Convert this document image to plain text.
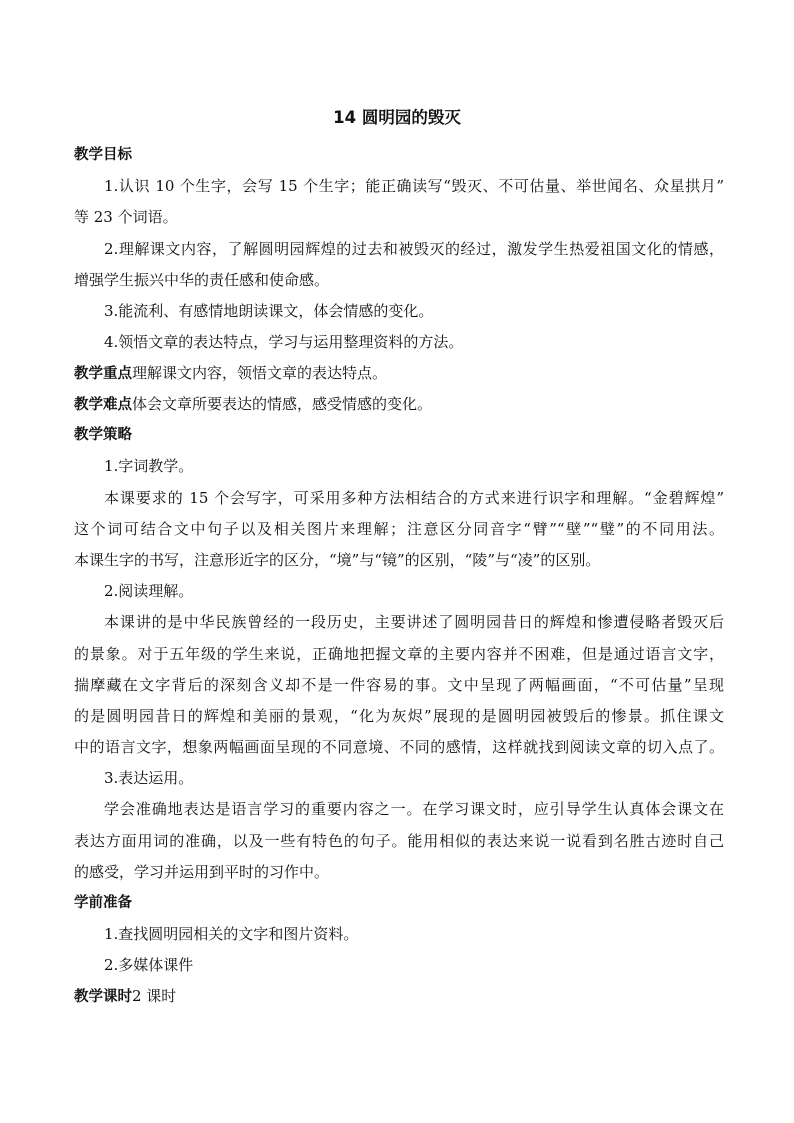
14 圆明园的毁灭
教学目标
1.认识 10 个生字，会写 15 个生字；能正确读写“毁灭、不可估量、举世闻名、众星拱月”
等 23 个词语。
2.理解课文内容，了解圆明园辉煌的过去和被毁灭的经过，激发学生热爱祖国文化的情感，
增强学生振兴中华的责任感和使命感。
3.能流利、有感情地朗读课文，体会情感的变化。
4.领悟文章的表达特点，学习与运用整理资料的方法。
教学重点理解课文内容，领悟文章的表达特点。
教学难点体会文章所要表达的情感，感受情感的变化。
教学策略
1.字词教学。
本课要求的 15 个会写字，可采用多种方法相结合的方式来进行识字和理解。“金碧辉煌”
这个词可结合文中句子以及相关图片来理解；注意区分同音字“臂”“壁”“璧”的不同用法。
本课生字的书写，注意形近字的区分，“境”与“镜”的区别，“陵”与“凌”的区别。
2.阅读理解。
本课讲的是中华民族曾经的一段历史，主要讲述了圆明园昔日的辉煌和惨遭侵略者毁灭后
的景象。对于五年级的学生来说，正确地把握文章的主要内容并不困难，但是通过语言文字，
揣摩藏在文字背后的深刻含义却不是一件容易的事。文中呈现了两幅画面，“不可估量”呈现
的是圆明园昔日的辉煌和美丽的景观，“化为灰烬”展现的是圆明园被毁后的惨景。抓住课文
中的语言文字，想象两幅画面呈现的不同意境、不同的感情，这样就找到阅读文章的切入点了。
3.表达运用。
学会准确地表达是语言学习的重要内容之一。在学习课文时，应引导学生认真体会课文在
表达方面用词的准确，以及一些有特色的句子。能用相似的表达来说一说看到名胜古迹时自己
的感受，学习并运用到平时的习作中。
学前准备
1.查找圆明园相关的文字和图片资料。
2.多媒体课件
教学课时2 课时
